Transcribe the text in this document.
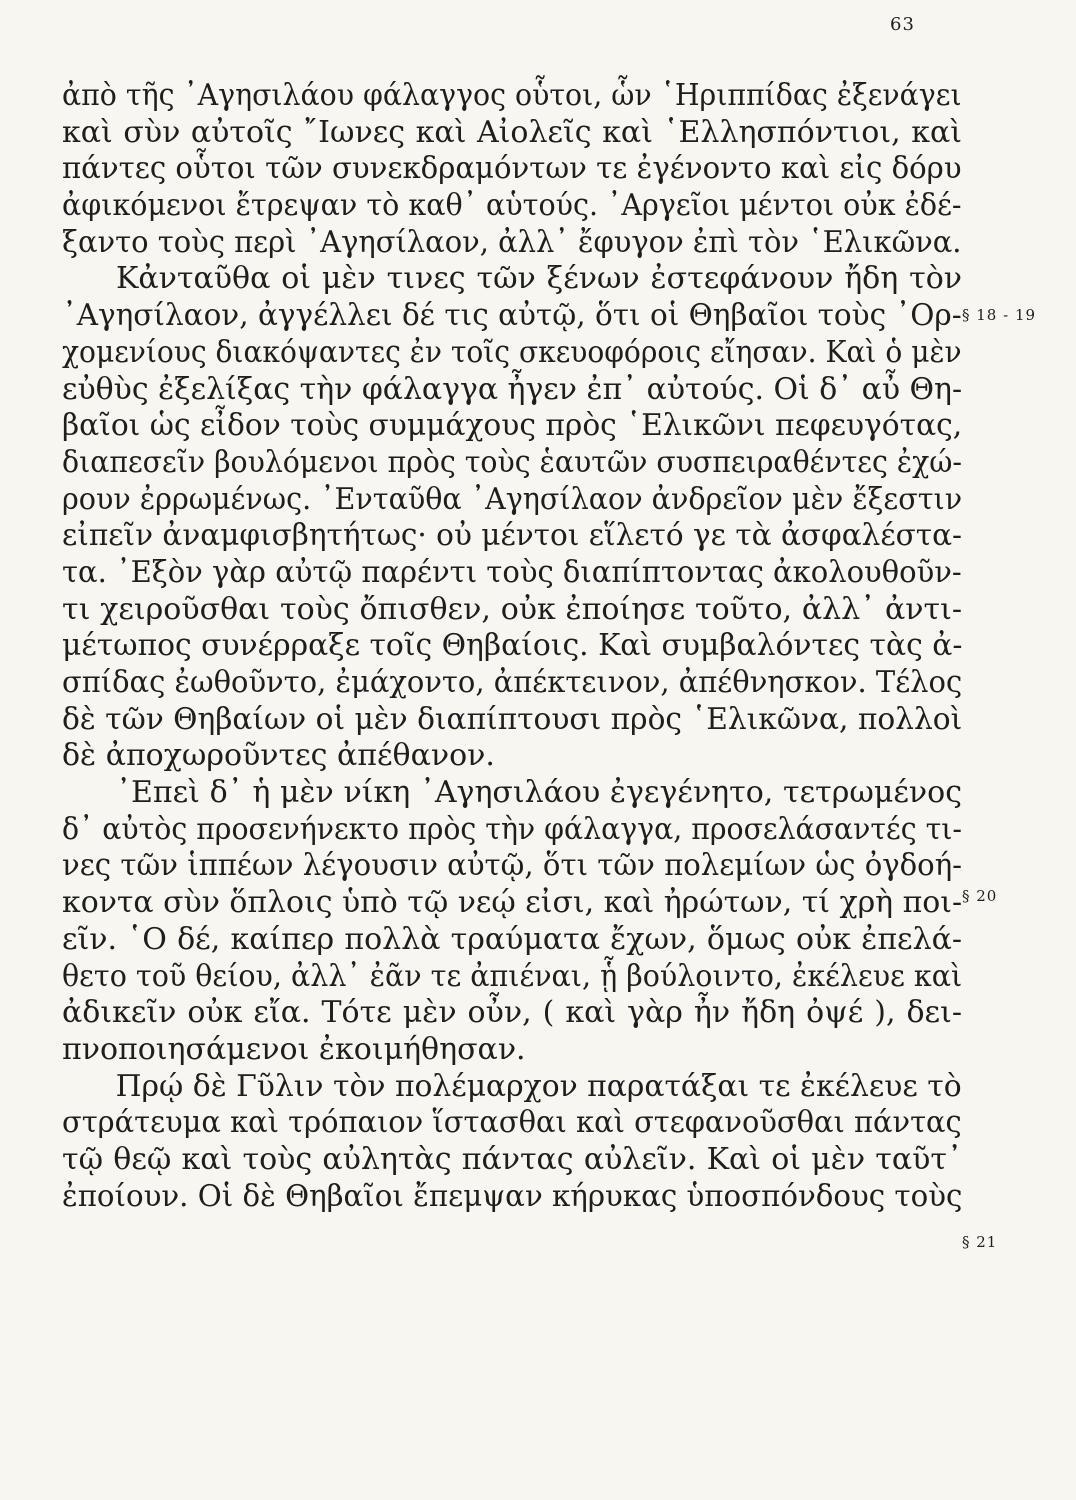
63
ἀπὸ τῆς ᾿Αγησιλάου φάλαγγος οὗτοι, ὧν ῾Ηριππίδας ἐξενάγει
καὶ σὺν αὐτοῖς ῎Ιωνες καὶ Αἰολεῖς καὶ ῾Ελλησπόντιοι, καὶ
πάντες οὗτοι τῶν συνεκδραμόντων τε ἐγένοντο καὶ εἰς δόρυ
ἀφικόμενοι ἔτρεψαν τὸ καθ᾿ αὑτούς. ᾿Αργεῖοι μέντοι οὐκ ἐδέ-
ξαντο τοὺς περὶ ᾿Αγησίλαον, ἀλλ᾿ ἔφυγον ἐπὶ τὸν ῾Ελικῶνα.
Κἀνταῦθα οἱ μὲν τινες τῶν ξένων ἐστεφάνουν ἤδη τὸν
᾿Αγησίλαον, ἀγγέλλει δέ τις αὐτῷ, ὅτι οἱ Θηβαῖοι τοὺς ᾿Ορ-
χομενίους διακόψαντες ἐν τοῖς σκευοφόροις εἴησαν. Καὶ ὁ μὲν
εὐθὺς ἐξελίξας τὴν φάλαγγα ἦγεν ἐπ᾿ αὐτούς. Οἱ δ᾿ αὖ Θη-
βαῖοι ὡς εἶδον τοὺς συμμάχους πρὸς ῾Ελικῶνι πεφευγότας,
διαπεσεῖν βουλόμενοι πρὸς τοὺς ἑαυτῶν συσπειραθέντες ἐχώ-
ρουν ἐρρωμένως. ᾿Ενταῦθα ᾿Αγησίλαον ἀνδρεῖον μὲν ἔξεστιν
εἰπεῖν ἀναμφισβητήτως· οὐ μέντοι εἵλετό γε τὰ ἀσφαλέστα-
τα. ᾿Εξὸν γὰρ αὐτῷ παρέντι τοὺς διαπίπτοντας ἀκολουθοῦν-
τι χειροῦσθαι τοὺς ὄπισθεν, οὐκ ἐποίησε τοῦτο, ἀλλ᾿ ἀντι-
μέτωπος συνέρραξε τοῖς Θηβαίοις. Καὶ συμβαλόντες τὰς ἀ-
σπίδας ἐωθοῦντο, ἐμάχοντο, ἀπέκτεινον, ἀπέθνησκον. Τέλος
δὲ τῶν Θηβαίων οἱ μὲν διαπίπτουσι πρὸς ῾Ελικῶνα, πολλοὶ
δὲ ἀποχωροῦντες ἀπέθανον.
᾿Επεὶ δ᾿ ἡ μὲν νίκη ᾿Αγησιλάου ἐγεγένητο, τετρωμένος
δ᾿ αὐτὸς προσενήνεκτο πρὸς τὴν φάλαγγα, προσελάσαντές τι-
νες τῶν ἱππέων λέγουσιν αὐτῷ, ὅτι τῶν πολεμίων ὡς ὀγδοή-
κοντα σὺν ὅπλοις ὑπὸ τῷ νεῴ εἰσι, καὶ ἠρώτων, τί χρὴ ποι-
εῖν. ῾Ο δέ, καίπερ πολλὰ τραύματα ἔχων, ὅμως οὐκ ἐπελά-
θετο τοῦ θείου, ἀλλ᾿ ἐᾶν τε ἀπιέναι, ᾗ βούλοιντο, ἐκέλευε καὶ
ἀδικεῖν οὐκ εἴα. Τότε μὲν οὖν, ( καὶ γὰρ ἦν ἤδη ὀψέ ), δει-
πνοποιησάμενοι ἐκοιμήθησαν.
Πρῴ δὲ Γῦλιν τὸν πολέμαρχον παρατάξαι τε ἐκέλευε τὸ
στράτευμα καὶ τρόπαιον ἵστασθαι καὶ στεφανοῦσθαι πάντας
τῷ θεῷ καὶ τοὺς αὐλητὰς πάντας αὐλεῖν. Καὶ οἱ μὲν ταῦτ᾿
ἐποίουν. Οἱ δὲ Θηβαῖοι ἔπεμψαν κήρυκας ὑποσπόνδους τοὺς
§ 18 - 19
§ 20
§ 21
